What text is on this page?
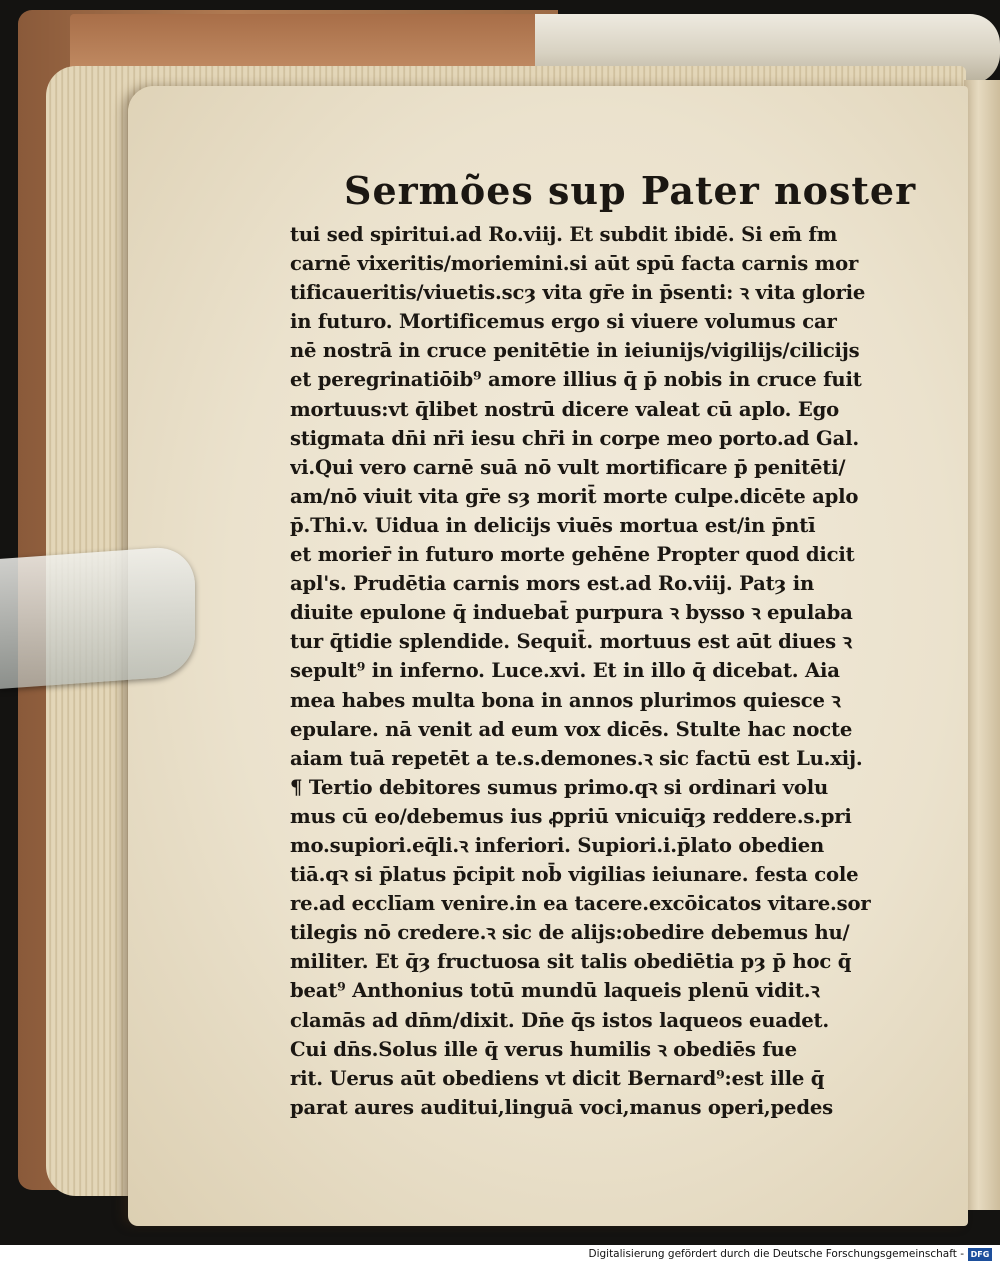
Sermões sup Pater noster
tui sed spiritui.ad Ro.viij. Et subdit ibidē. Si em̄ fm
carnē vixeritis/moriemini.si aūt spū facta carnis mor
tificaueritis/viuetis.scȝ vita gr̄e in p̄senti: ꝛ vita glorie
in futuro. Mortificemus ergo si viuere volumus car
nē nostrā in cruce penitētie in ieiunijs/vigilijs/cilicijs
et peregrinatiōib⁹ amore illius q̄ p̄ nobis in cruce fuit
mortuus:vt q̄libet nostrū dicere valeat cū aplo. Ego
stigmata dn̄i nr̄i iesu chr̄i in corpe meo porto.ad Gal.
vi.Qui vero carnē suā nō vult mortificare p̄ penitēti/
am/nō viuit vita gr̄e sȝ morit̄ morte culpe.dicēte aplo
p̄.Thi.v. Uidua in delicijs viuēs mortua est/in p̄ntī
et morier̄ in futuro morte gehēne Propter quod dicit
apl's. Prudētia carnis mors est.ad Ro.viij. Patȝ in
diuite epulone q̄ induebat̄ purpura ꝛ bysso ꝛ epulaba
tur q̄tidie splendide. Sequit̄. mortuus est aūt diues ꝛ
sepult⁹ in inferno. Luce.xvi. Et in illo q̄ dicebat. Aia
mea habes multa bona in annos plurimos quiesce ꝛ
epulare. nā venit ad eum vox dicēs. Stulte hac nocte
aiam tuā repetēt a te.s.demones.ꝛ sic factū est Lu.xij.
¶ Tertio debitores sumus primo.qꝛ si ordinari volu
mus cū eo/debemus ius ꝓpriū vnicuiq̄ȝ reddere.s.pri
mo.supiori.eq̄li.ꝛ inferiori. Supiori.i.p̄lato obedien
tiā.qꝛ si p̄latus p̄cipit nob̄ vigilias ieiunare. festa cole
re.ad ecclīam venire.in ea tacere.excōicatos vitare.sor
tilegis nō credere.ꝛ sic de alijs:obedire debemus hu/
militer. Et q̄ȝ fructuosa sit talis obediētia pȝ p̄ hoc q̄
beat⁹ Anthonius totū mundū laqueis plenū vidit.ꝛ
clamās ad dn̄m/dixit. Dn̄e q̄s istos laqueos euadet.
Cui dn̄s.Solus ille q̄ verus humilis ꝛ obediēs fue
rit. Uerus aūt obediens vt dicit Bernard⁹:est ille q̄
parat aures auditui,linguā voci,manus operi,pedes
Digitalisierung gefördert durch die Deutsche Forschungsgemeinschaft - DFG
